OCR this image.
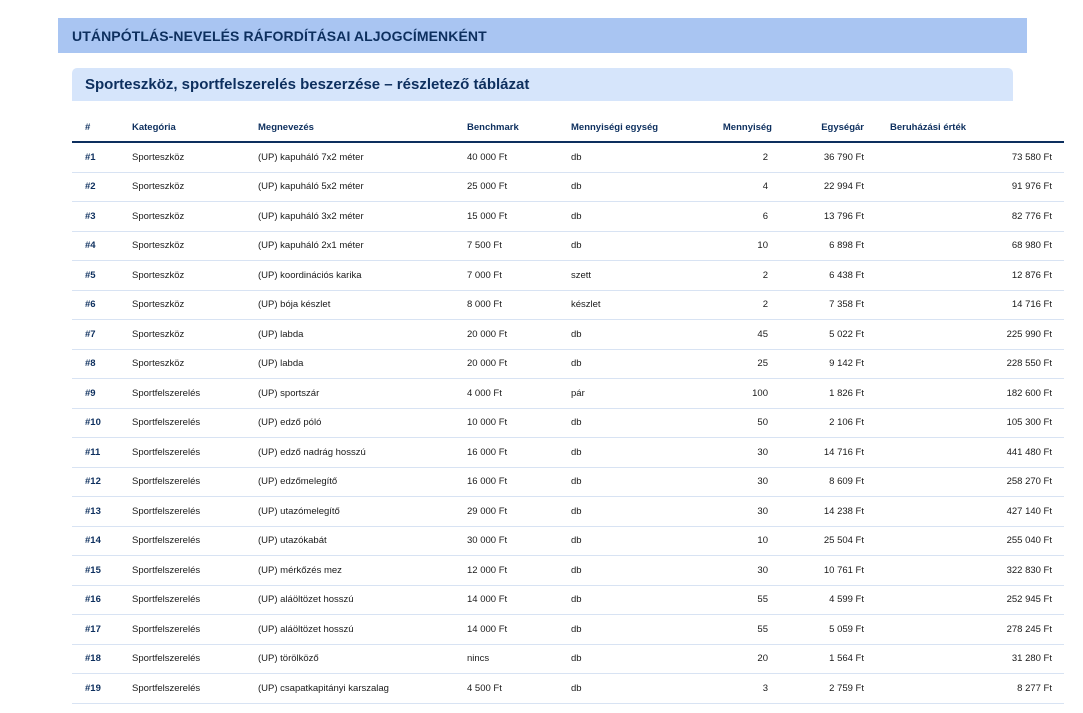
UTÁNPÓTLÁS-NEVELÉS RÁFORDÍTÁSAI ALJOGCÍMENKÉNT
Sporteszköz, sportfelszerelés beszerzése – részletező táblázat
#	Kategória	Megnevezés	Benchmark	Mennyiségi egység	Mennyiség	Egységár	Beruházási érték
#1	Sporteszköz	(UP) kapuháló 7x2 méter	40 000 Ft	db	2	36 790 Ft	73 580 Ft
#2	Sporteszköz	(UP) kapuháló 5x2 méter	25 000 Ft	db	4	22 994 Ft	91 976 Ft
#3	Sporteszköz	(UP) kapuháló 3x2 méter	15 000 Ft	db	6	13 796 Ft	82 776 Ft
#4	Sporteszköz	(UP) kapuháló 2x1 méter	7 500 Ft	db	10	6 898 Ft	68 980 Ft
#5	Sporteszköz	(UP) koordinációs karika	7 000 Ft	szett	2	6 438 Ft	12 876 Ft
#6	Sporteszköz	(UP) bója készlet	8 000 Ft	készlet	2	7 358 Ft	14 716 Ft
#7	Sporteszköz	(UP) labda	20 000 Ft	db	45	5 022 Ft	225 990 Ft
#8	Sporteszköz	(UP) labda	20 000 Ft	db	25	9 142 Ft	228 550 Ft
#9	Sportfelszerelés	(UP) sportszár	4 000 Ft	pár	100	1 826 Ft	182 600 Ft
#10	Sportfelszerelés	(UP) edző póló	10 000 Ft	db	50	2 106 Ft	105 300 Ft
#11	Sportfelszerelés	(UP) edző nadrág hosszú	16 000 Ft	db	30	14 716 Ft	441 480 Ft
#12	Sportfelszerelés	(UP) edzőmelegítő	16 000 Ft	db	30	8 609 Ft	258 270 Ft
#13	Sportfelszerelés	(UP) utazómelegítő	29 000 Ft	db	30	14 238 Ft	427 140 Ft
#14	Sportfelszerelés	(UP) utazókabát	30 000 Ft	db	10	25 504 Ft	255 040 Ft
#15	Sportfelszerelés	(UP) mérkőzés mez	12 000 Ft	db	30	10 761 Ft	322 830 Ft
#16	Sportfelszerelés	(UP) aláöltözet hosszú	14 000 Ft	db	55	4 599 Ft	252 945 Ft
#17	Sportfelszerelés	(UP) aláöltözet hosszú	14 000 Ft	db	55	5 059 Ft	278 245 Ft
#18	Sportfelszerelés	(UP) törölköző	nincs	db	20	1 564 Ft	31 280 Ft
#19	Sportfelszerelés	(UP) csapatkapitányi karszalag	4 500 Ft	db	3	2 759 Ft	8 277 Ft
